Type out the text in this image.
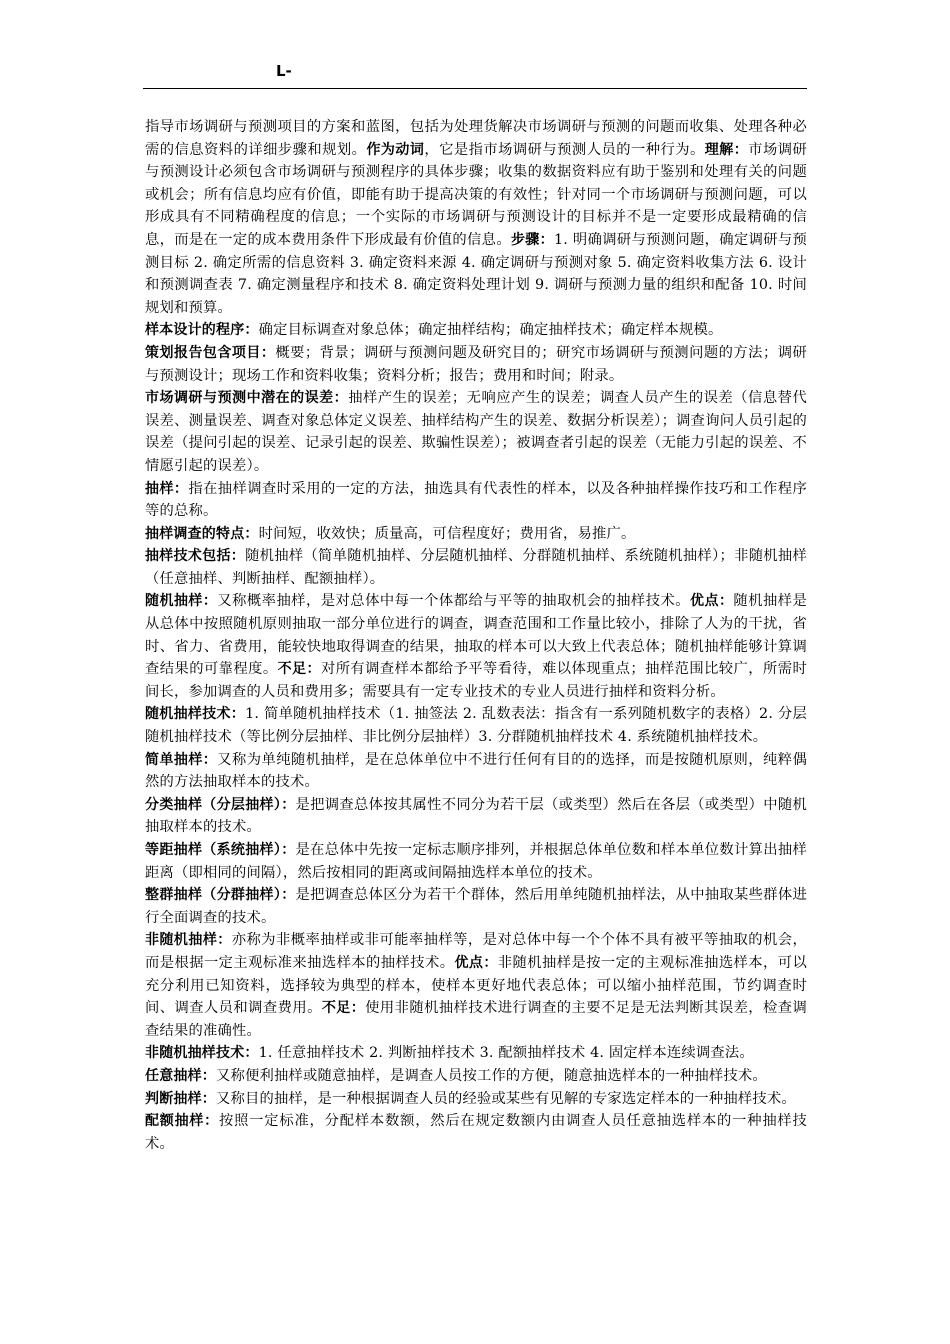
L-

指导市场调研与预测项目的方案和蓝图，包括为处理货解决市场调研与预测的问题而收集、处理各种必需的信息资料的详细步骤和规划。作为动词，它是指市场调研与预测人员的一种行为。理解：市场调研与预测设计必须包含市场调研与预测程序的具体步骤；收集的数据资料应有助于鉴别和处理有关的问题或机会；所有信息均应有价值，即能有助于提高决策的有效性；针对同一个市场调研与预测问题，可以形成具有不同精确程度的信息；一个实际的市场调研与预测设计的目标并不是一定要形成最精确的信息，而是在一定的成本费用条件下形成最有价值的信息。步骤：1. 明确调研与预测问题，确定调研与预测目标 2. 确定所需的信息资料 3. 确定资料来源 4. 确定调研与预测对象 5. 确定资料收集方法 6. 设计和预测调查表 7. 确定测量程序和技术 8. 确定资料处理计划 9. 调研与预测力量的组织和配备 10. 时间规划和预算。

样本设计的程序：确定目标调查对象总体；确定抽样结构；确定抽样技术；确定样本规模。

策划报告包含项目：概要；背景；调研与预测问题及研究目的；研究市场调研与预测问题的方法；调研与预测设计；现场工作和资料收集；资料分析；报告；费用和时间；附录。

市场调研与预测中潜在的误差：抽样产生的误差；无响应产生的误差；调查人员产生的误差（信息替代误差、测量误差、调查对象总体定义误差、抽样结构产生的误差、数据分析误差）；调查询问人员引起的误差（提问引起的误差、记录引起的误差、欺骗性误差）；被调查者引起的误差（无能力引起的误差、不情愿引起的误差）。

抽样：指在抽样调查时采用的一定的方法，抽选具有代表性的样本，以及各种抽样操作技巧和工作程序等的总称。

抽样调查的特点：时间短，收效快；质量高，可信程度好；费用省，易推广。

抽样技术包括：随机抽样（简单随机抽样、分层随机抽样、分群随机抽样、系统随机抽样）；非随机抽样（任意抽样、判断抽样、配额抽样）。

随机抽样：又称概率抽样，是对总体中每一个体都给与平等的抽取机会的抽样技术。优点：随机抽样是从总体中按照随机原则抽取一部分单位进行的调查，调查范围和工作量比较小，排除了人为的干扰，省时、省力、省费用，能较快地取得调查的结果，抽取的样本可以大致上代表总体；随机抽样能够计算调查结果的可靠程度。不足：对所有调查样本都给予平等看待，难以体现重点；抽样范围比较广，所需时间长，参加调查的人员和费用多；需要具有一定专业技术的专业人员进行抽样和资料分析。

随机抽样技术：1. 简单随机抽样技术（1. 抽签法 2. 乱数表法：指含有一系列随机数字的表格）2. 分层随机抽样技术（等比例分层抽样、非比例分层抽样）3. 分群随机抽样技术 4. 系统随机抽样技术。

简单抽样：又称为单纯随机抽样，是在总体单位中不进行任何有目的的选择，而是按随机原则，纯粹偶然的方法抽取样本的技术。

分类抽样（分层抽样）：是把调查总体按其属性不同分为若干层（或类型）然后在各层（或类型）中随机抽取样本的技术。

等距抽样（系统抽样）：是在总体中先按一定标志顺序排列，并根据总体单位数和样本单位数计算出抽样距离（即相同的间隔），然后按相同的距离或间隔抽选样本单位的技术。

整群抽样（分群抽样）：是把调查总体区分为若干个群体，然后用单纯随机抽样法，从中抽取某些群体进行全面调查的技术。

非随机抽样：亦称为非概率抽样或非可能率抽样等，是对总体中每一个个体不具有被平等抽取的机会，而是根据一定主观标准来抽选样本的抽样技术。优点：非随机抽样是按一定的主观标准抽选样本，可以充分利用已知资料，选择较为典型的样本，使样本更好地代表总体；可以缩小抽样范围，节约调查时间、调查人员和调查费用。不足：使用非随机抽样技术进行调查的主要不足是无法判断其误差，检查调查结果的准确性。

非随机抽样技术：1. 任意抽样技术 2. 判断抽样技术 3. 配额抽样技术 4. 固定样本连续调查法。

任意抽样：又称便利抽样或随意抽样，是调查人员按工作的方便，随意抽选样本的一种抽样技术。

判断抽样：又称目的抽样，是一种根据调查人员的经验或某些有见解的专家选定样本的一种抽样技术。

配额抽样：按照一定标准，分配样本数额，然后在规定数额内由调查人员任意抽选样本的一种抽样技术。
